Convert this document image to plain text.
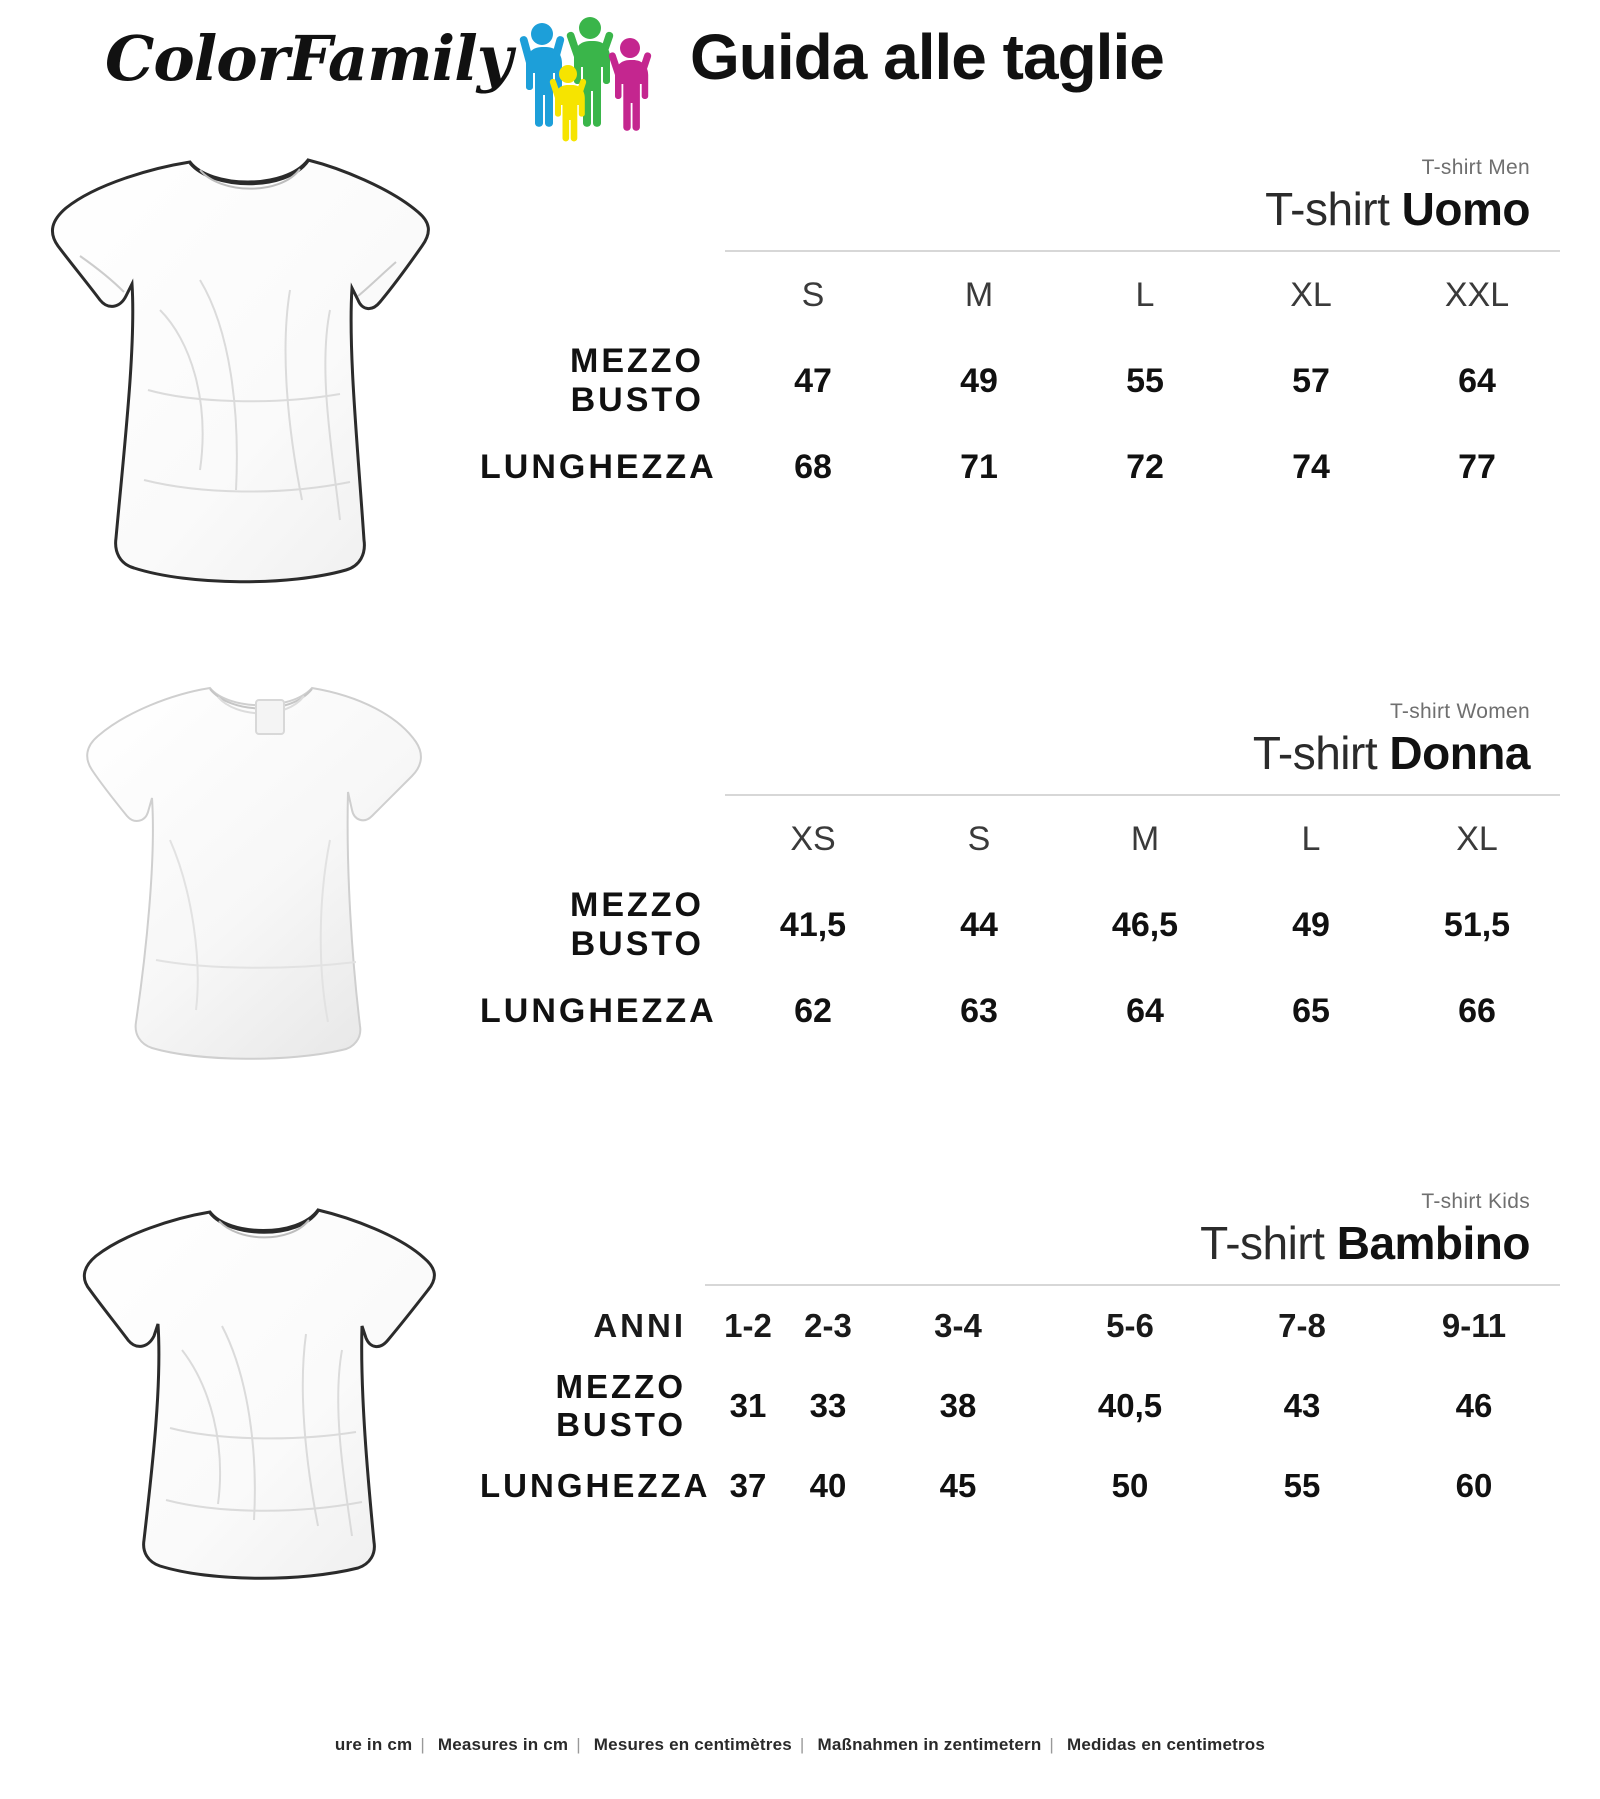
ColorFamily	Guida alle taglie
T-shirt Men
T-shirt Uomo
	S	M	L	XL	XXL
MEZZO BUSTO	47	49	55	57	64
LUNGHEZZA	68	71	72	74	77
T-shirt Women
T-shirt Donna
	XS	S	M	L	XL
MEZZO BUSTO	41,5	44	46,5	49	51,5
LUNGHEZZA	62	63	64	65	66
T-shirt Kids
T-shirt Bambino
ANNI	1-2	2-3	3-4	5-6	7-8	9-11
MEZZO BUSTO	31	33	38	40,5	43	46
LUNGHEZZA	37	40	45	50	55	60
ure in cm | Measures in cm | Mesures en centimètres | Maßnahmen in zentimetern | Medidas en centimetros
